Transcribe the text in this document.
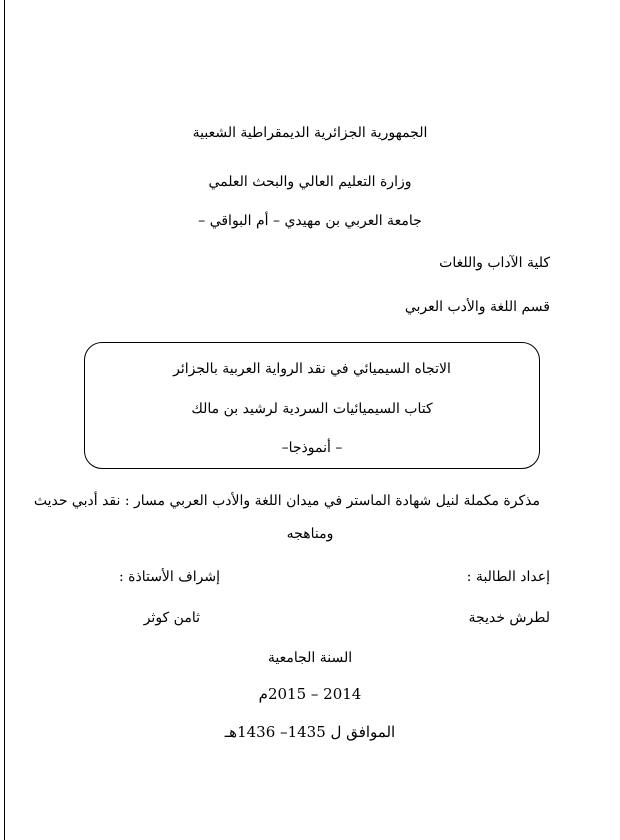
الجمهورية الجزائرية الديمقراطية الشعبية
وزارة التعليم العالي والبحث العلمي
جامعة العربي بن مهيدي – أم البواقي –
كلية الآداب واللغات
قسم اللغة والأدب العربي
الاتجاه السيميائي في نقد الرواية العربية بالجزائر
كتاب السيميائيات السردية لرشيد بن مالك
– أنموذجا–
مذكرة مكملة لنيل شهادة الماستر في ميدان اللغة والأدب العربي مسار : نقد أدبي حديث
ومناهجه
إعداد الطالبة :
إشراف الأستاذة :
لطرش خديجة
ثامن كوثر
السنة الجامعية
2014 – 2015م
الموافق ل 1435– 1436هـ
